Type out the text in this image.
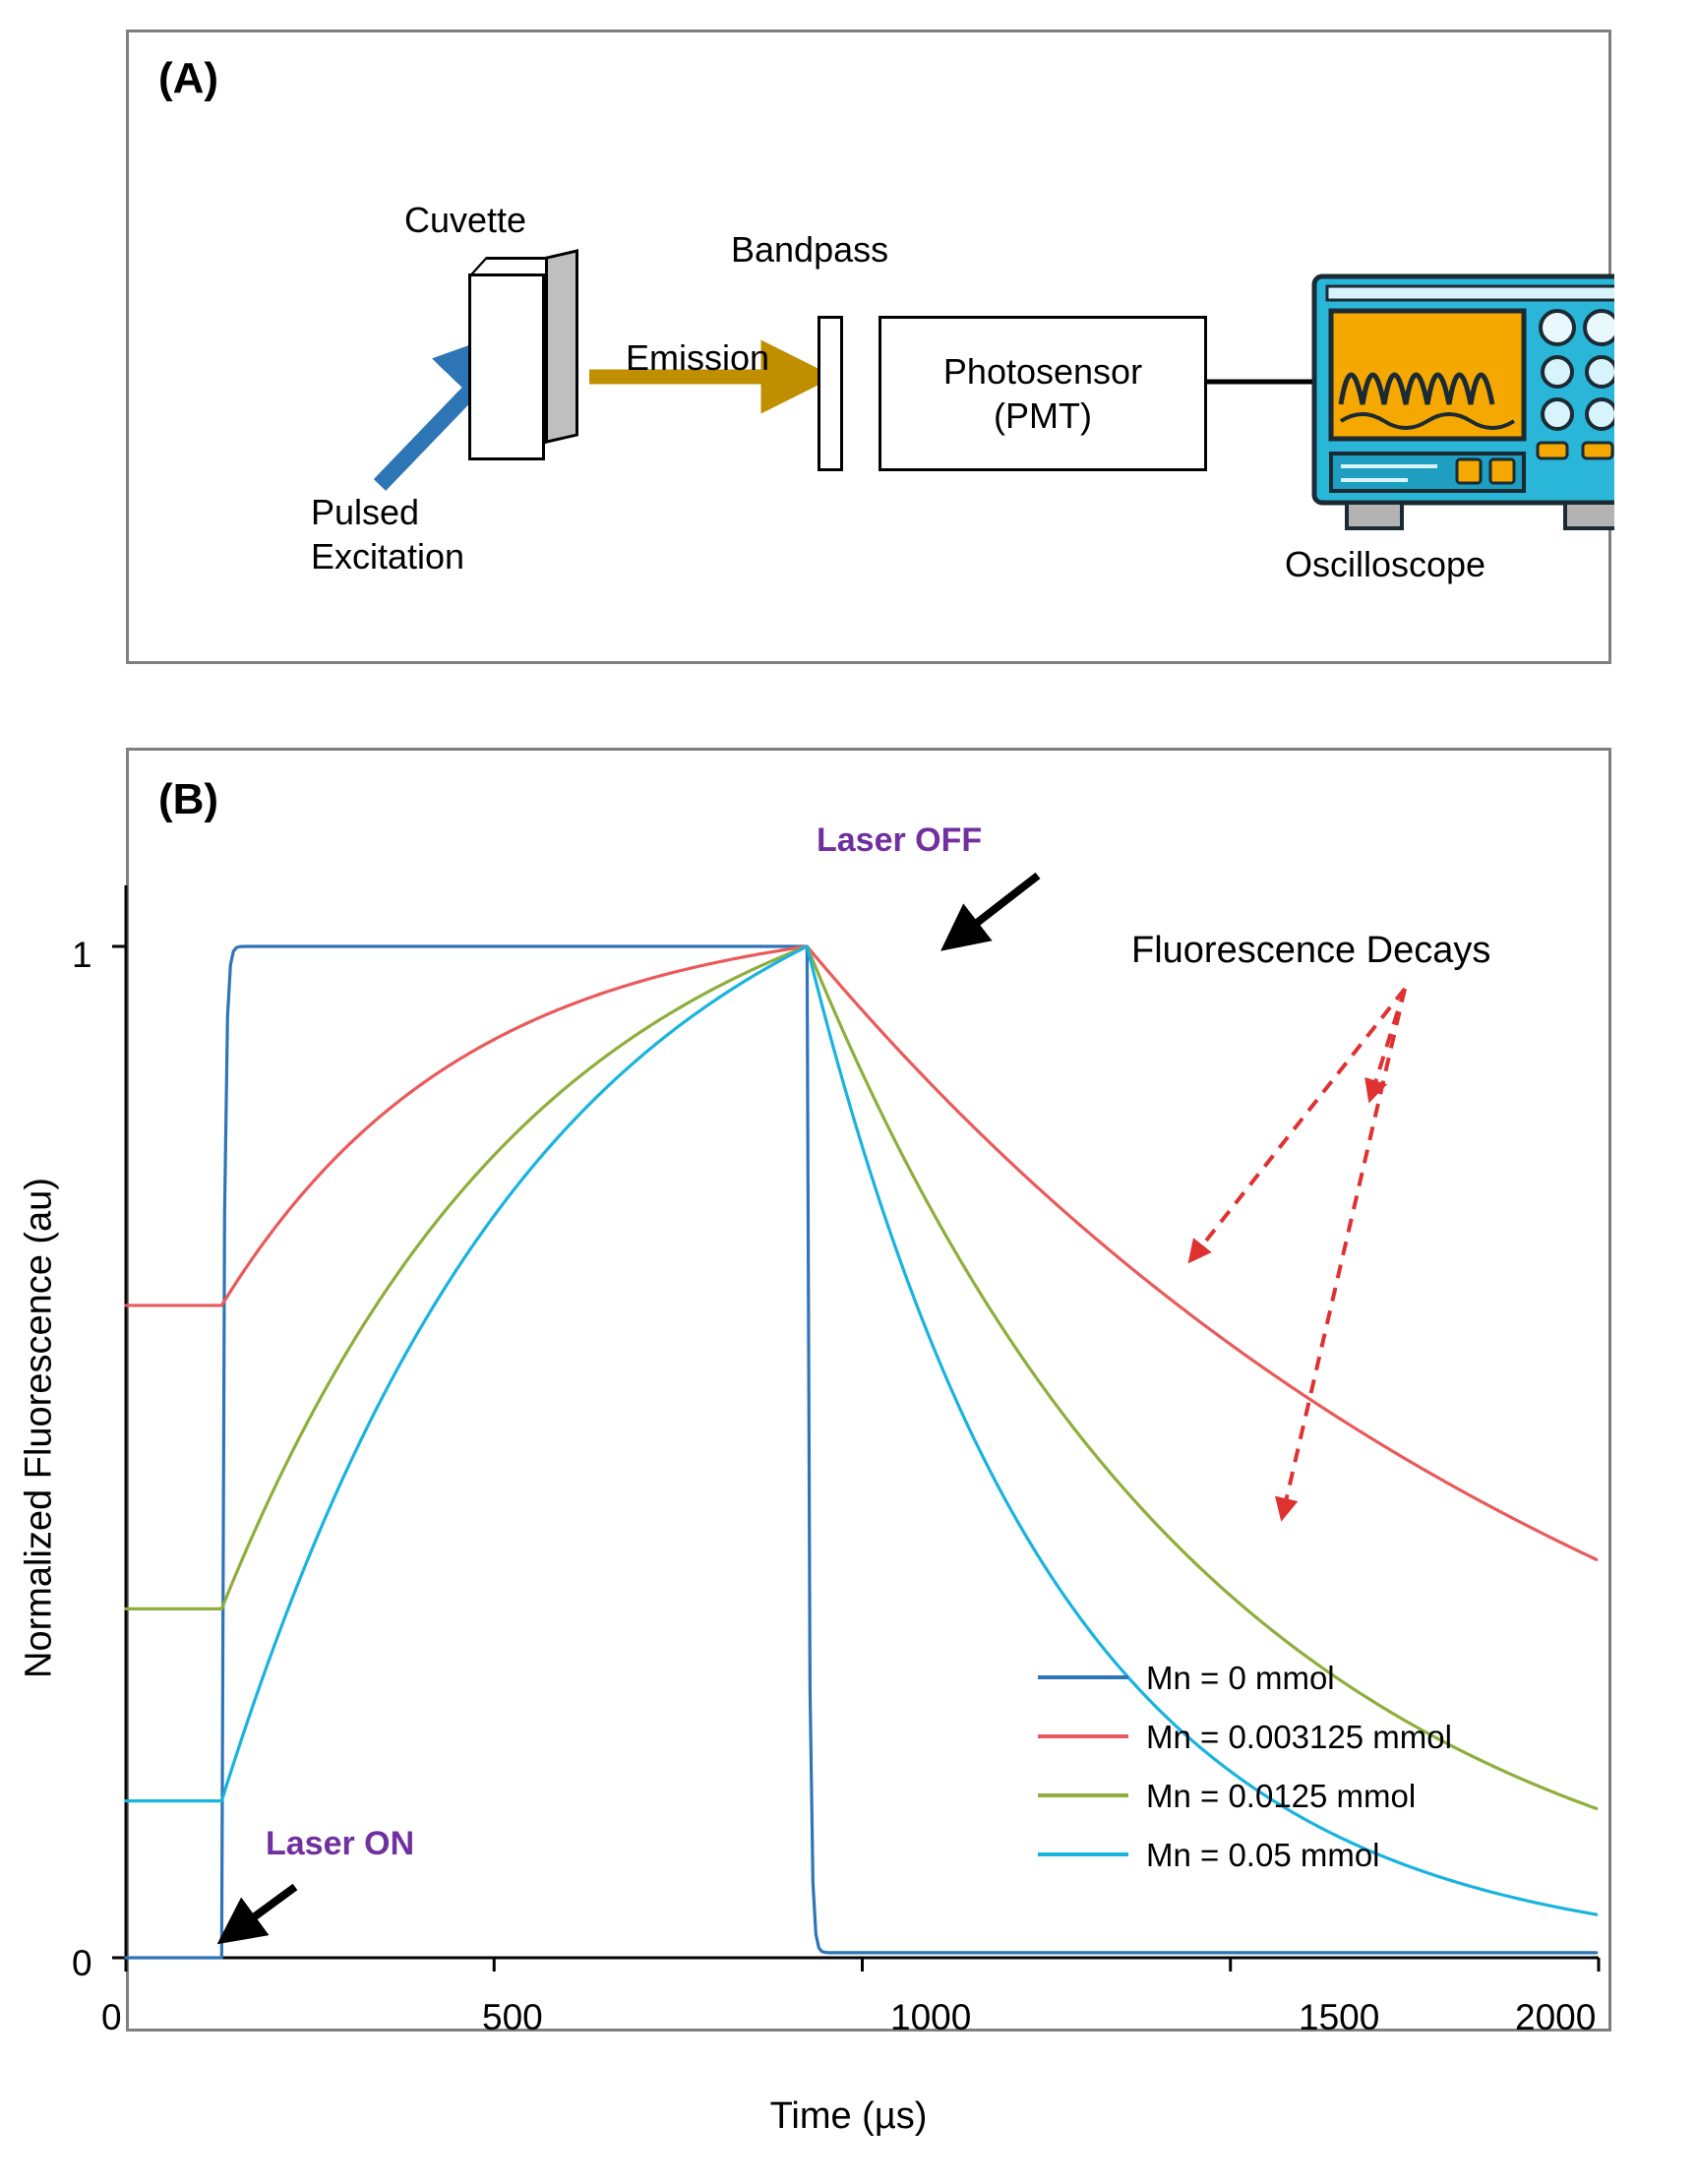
(A)
Cuvette
Bandpass
Emission	Photosensor
(PMT)
Pulsed
Excitation	Oscilloscope
(B)
1
0
0	500	1000	1500	2000
Normalized Fluorescence (au)
Time (µs)
Laser OFF
Laser ON
Fluorescence Decays
Mn = 0 mmol
Mn = 0.003125 mmol
Mn = 0.0125 mmol
Mn = 0.05 mmol
